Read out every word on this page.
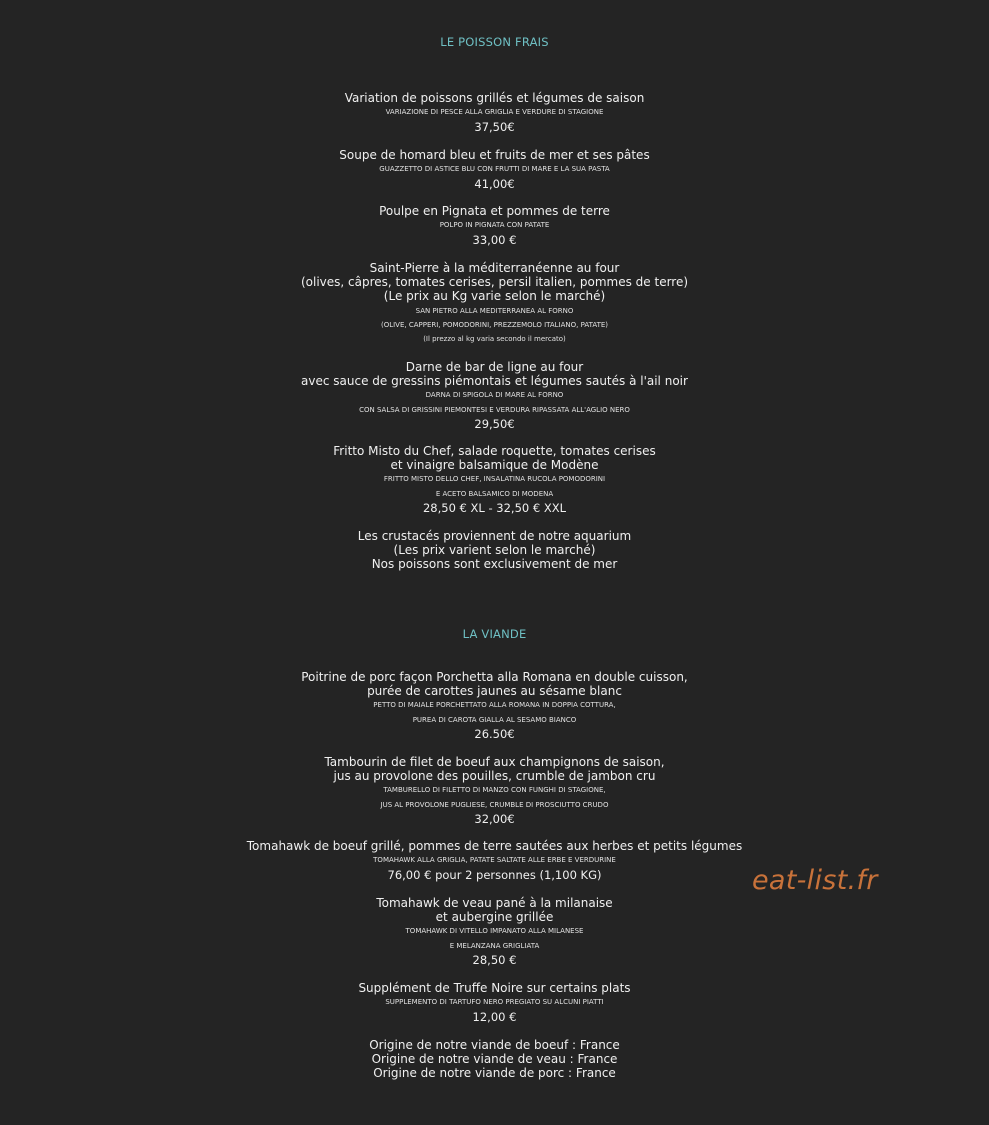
LE POISSON FRAIS
Variation de poissons grillés et légumes de saison
VARIAZIONE DI PESCE ALLA GRIGLIA E VERDURE DI STAGIONE
37,50€
Soupe de homard bleu et fruits de mer et ses pâtes
GUAZZETTO DI ASTICE BLU CON FRUTTI DI MARE E LA SUA PASTA
41,00€
Poulpe en Pignata et pommes de terre
POLPO IN PIGNATA CON PATATE
33,00 €
Saint-Pierre à la méditerranéenne au four
(olives, câpres, tomates cerises, persil italien, pommes de terre)
(Le prix au Kg varie selon le marché)
SAN PIETRO ALLA MEDITERRANEA AL FORNO
(OLIVE, CAPPERI, POMODORINI, PREZZEMOLO ITALIANO, PATATE)
(Il prezzo al kg varia secondo il mercato)
Darne de bar de ligne au four
avec sauce de gressins piémontais et légumes sautés à l'ail noir
DARNA DI SPIGOLA DI MARE AL FORNO
CON SALSA DI GRISSINI PIEMONTESI E VERDURA RIPASSATA ALL'AGLIO NERO
29,50€
Fritto Misto du Chef, salade roquette, tomates cerises
et vinaigre balsamique de Modène
FRITTO MISTO DELLO CHEF, INSALATINA RUCOLA POMODORINI
E ACETO BALSAMICO DI MODENA
28,50 € XL - 32,50 € XXL
Les crustacés proviennent de notre aquarium
(Les prix varient selon le marché)
Nos poissons sont exclusivement de mer
LA VIANDE
Poitrine de porc façon Porchetta alla Romana en double cuisson,
purée de carottes jaunes au sésame blanc
PETTO DI MAIALE PORCHETTATO ALLA ROMANA IN DOPPIA COTTURA,
PUREA DI CAROTA GIALLA AL SESAMO BIANCO
26.50€
Tambourin de filet de boeuf aux champignons de saison,
jus au provolone des pouilles, crumble de jambon cru
TAMBURELLO DI FILETTO DI MANZO CON FUNGHI DI STAGIONE,
JUS AL PROVOLONE PUGLIESE, CRUMBLE DI PROSCIUTTO CRUDO
32,00€
Tomahawk de boeuf grillé, pommes de terre sautées aux herbes et petits légumes
TOMAHAWK ALLA GRIGLIA, PATATE SALTATE ALLE ERBE E VERDURINE
76,00 € pour 2 personnes (1,100 KG)
Tomahawk de veau pané à la milanaise
et aubergine grillée
TOMAHAWK DI VITELLO IMPANATO ALLA MILANESE
E MELANZANA GRIGLIATA
28,50 €
Supplément de Truffe Noire sur certains plats
SUPPLEMENTO DI TARTUFO NERO PREGIATO SU ALCUNI PIATTI
12,00 €
Origine de notre viande de boeuf : France
Origine de notre viande de veau : France
Origine de notre viande de porc : France
eat-list.fr
